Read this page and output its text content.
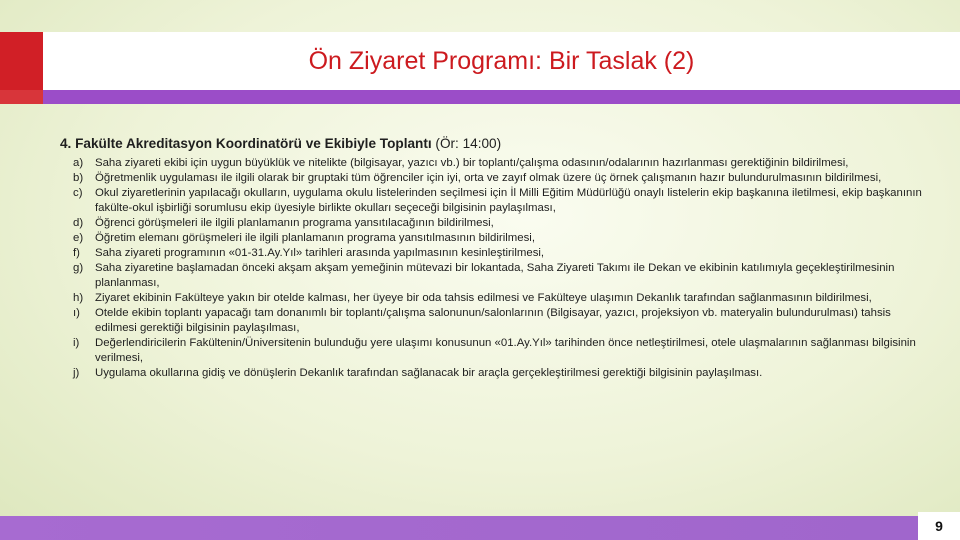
Ön Ziyaret Programı: Bir Taslak (2)
4. Fakülte Akreditasyon Koordinatörü ve Ekibiyle Toplantı (Ör: 14:00)
a)	Saha ziyareti ekibi için uygun büyüklük ve nitelikte (bilgisayar, yazıcı vb.) bir toplantı/çalışma odasının/odalarının hazırlanması gerektiğinin bildirilmesi,
b)	Öğretmenlik uygulaması ile ilgili olarak bir gruptaki tüm öğrenciler için iyi, orta ve zayıf olmak üzere üç örnek çalışmanın hazır bulundurulmasının bildirilmesi,
c)	Okul ziyaretlerinin yapılacağı okulların, uygulama okulu listelerinden seçilmesi için İl Milli Eğitim Müdürlüğü onaylı listelerin ekip başkanına iletilmesi, ekip başkanının fakülte-okul işbirliği sorumlusu ekip üyesiyle birlikte okulları seçeceği bilgisinin paylaşılması,
d)	Öğrenci görüşmeleri ile ilgili planlamanın programa yansıtılacağının bildirilmesi,
e)	Öğretim elemanı görüşmeleri ile ilgili planlamanın programa yansıtılmasının bildirilmesi,
f)	Saha ziyareti programının «01-31.Ay.Yıl» tarihleri arasında yapılmasının kesinleştirilmesi,
g)	Saha ziyaretine başlamadan önceki akşam akşam yemeğinin mütevazi bir lokantada, Saha Ziyareti Takımı ile Dekan ve ekibinin katılımıyla geçekleştirilmesinin planlanması,
h)	Ziyaret ekibinin Fakülteye yakın bir otelde kalması, her üyeye bir oda tahsis edilmesi ve Fakülteye ulaşımın Dekanlık tarafından sağlanmasının bildirilmesi,
ı)	Otelde ekibin toplantı yapacağı tam donanımlı bir toplantı/çalışma salonunun/salonlarının (Bilgisayar, yazıcı, projeksiyon vb. materyalin bulundurulması) tahsis edilmesi gerektiği bilgisinin paylaşılması,
i)	Değerlendiricilerin Fakültenin/Üniversitenin bulunduğu yere ulaşımı konusunun «01.Ay.Yıl» tarihinden önce netleştirilmesi, otele ulaşmalarının sağlanması bilgisinin verilmesi,
j)	Uygulama okullarına gidiş ve dönüşlerin Dekanlık tarafından sağlanacak bir araçla gerçekleştirilmesi gerektiği bilgisinin paylaşılması.
9
